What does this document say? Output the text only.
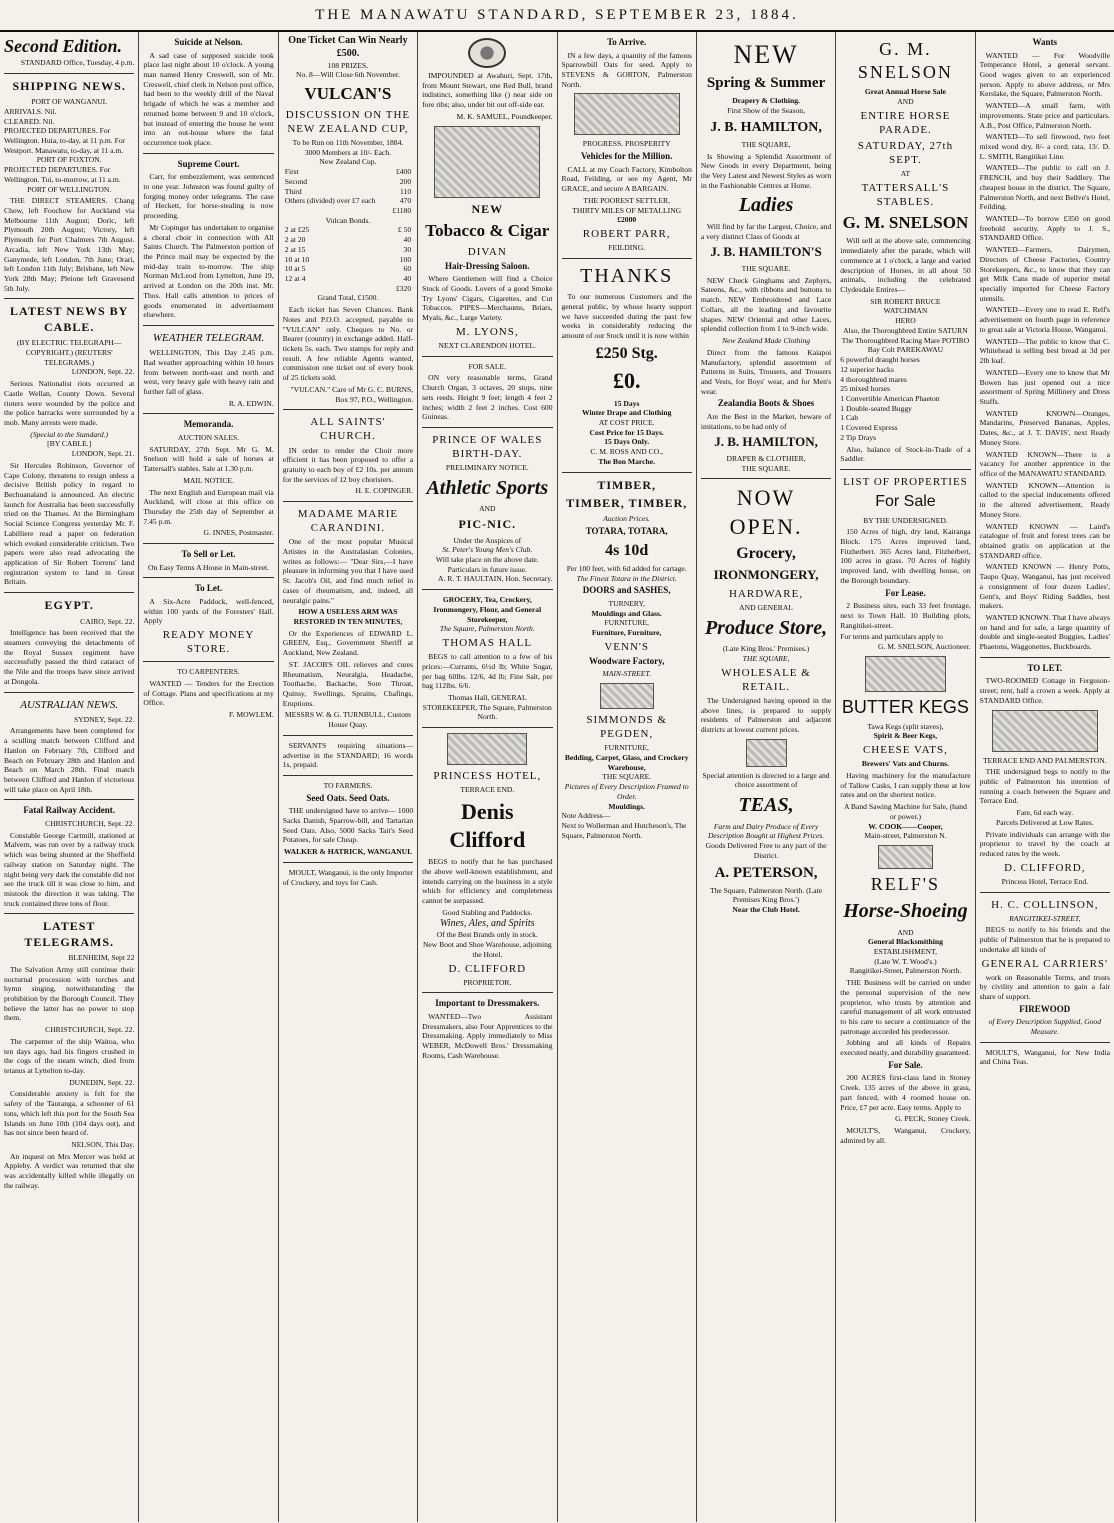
THE MANAWATU STANDARD, SEPTEMBER 23, 1884.
Second Edition.
STANDARD Office, Tuesday, 4 p.m.
SHIPPING NEWS.
PORT OF WANGANUI.
ARRIVALS. Nil.
CLEARED. Nil.
PROJECTED DEPARTURES. For Wellington. Huia, to-day, at 11 p.m. For Westport. Manawatu, to-day, at 11 a.m.
PORT OF FOXTON.
PROJECTED DEPARTURES. For Wellington. Tui, to-morrow, at 11 a.m.
PORT OF WELLINGTON.

THE DIRECT STEAMERS. Chang Chow, left Foochow for Auckland via Melbourne 11th August; Doric, left Plymouth 20th August; Victory, left Plymouth for Port Chalmers 7th August. Arcadia, left New York 13th May; Ganymede, left London, 7th June; Orari, left London 11th July; Brisbane, left New York 28th May; Pleione left Gravesend 5th July.

LATEST NEWS BY CABLE.
(BY ELECTRIC TELEGRAPH—COPYRIGHT.) (REUTERS' TELEGRAMS.)
LONDON, Sept. 22.

Serious Nationalist riots occurred at Castle Wellan, County Down. Several rioters were wounded by the police and the police barracks were surrounded by a mob. Many arrests were made.

(Special to the Standard.)
[BY CABLE.]
LONDON, Sept. 21.

Sir Hercules Robinson, Governor of Cape Colony, threatens to resign unless a decisive British policy in regard to Bechuanaland is announced. An electric launch for Australia has been successfully tried on the Thames. At the Birmingham Social Science Congress yesterday Mr. F. Labilliere read a paper on federation which evoked considerable criticism. Two papers were also read advocating the application of Sir Robert Torrens' land registration system to land in Great Britain.

EGYPT.
CAIRO, Sept. 22.

Intelligence has been received that the steamers conveying the detachments of the Royal Sussex regiment have successfully passed the third cataract of the Nile and the troops have since arrived at Dongola.

AUSTRALIAN NEWS.
SYDNEY, Sept. 22.

Arrangements have been completed for a sculling match between Clifford and Hanlon on February 7th, Clifford and Beach on February 28th and Hanlon and Beach on March 28th. Final match between Clifford and Hanlon if victorious will take place on April 18th.

Fatal Railway Accident.
CHRISTCHURCH, Sept. 22.

Constable George Cartmill, stationed at Malvern, was run over by a railway truck which was being shunted at the Sheffield railway station on Saturday night. The night being very dark the constable did not see the truck till it was close to him, and mistook the direction it was taking. The truck contained three tons of flour.

LATEST TELEGRAMS.
BLENHEIM, Sept 22

The Salvation Army still continue their nocturnal procession with torches and hymn singing, notwithstanding the prohibition by the Borough Council. They believe the latter has no power to stop them.

CHRISTCHURCH, Sept. 22.

The carpenter of the ship Waitoa, who ten days ago, had his fingers crushed in the cogs of the steam winch, died from tetanus at Lyttelton to-day.

DUNEDIN, Sept. 22.

Considerable anxiety is felt for the safety of the Tauranga, a schooner of 61 tons, which left this port for the South Sea Islands on June 10th (104 days out), and has not since been heard of.

NELSON, This Day.

An inquest on Mrs Mercer was held at Appleby. A verdict was returned that she was accidentally killed while illegally on the railway.

Suicide at Nelson.

A sad case of supposed suicide took place last night about 10 o'clock. A young man named Henry Creswell, son of Mr. Creswell, chief clerk in Nelson post office, had been to the weekly drill of the Naval brigade of which he was a member and returned home between 9 and 10 o'clock, but instead of entering the house he went into an out-house where the fatal occurrence took place.

Supreme Court.

Carr, for embezzlement, was sentenced to one year. Johnston was found guilty of forging money order telegrams. The case of Heckett, for horse-stealing is now proceeding.

Mr Copinger has undertaken to organise a choral choir in connection with All Saints Church. The Palmerston portion of the Prince mail may be expected by the mid-day train to-morrow. The ship Norman McLeod from Lyttelton, June 19, arrived at London on the 20th inst. Mr. Thos. Hall calls attention to prices of goods enumerated in advertisement elsewhere.

WEATHER TELEGRAM.

WELLINGTON, This Day 2.45 p.m. Bad weather approaching within 10 hours from between north-east and north and west, very heavy gale with heavy rain and further fall of glass.

R. A. EDWIN.
Memoranda.
AUCTION SALES.

SATURDAY, 27th Sept. Mr G. M. Snelson will hold a sale of horses at Tattersall's stables. Sale at 1.30 p.m.

MAIL NOTICE.

The next English and European mail via Auckland, will close at this office on Thursday the 25th day of September at 7.45 p.m.

G. INNES, Postmaster.
To Sell or Let.
On Easy Terms A House in Main-street.
To Let.

A Six-Acre Paddock, well-fenced, within 100 yards of the Foresters' Hall. Apply

READY MONEY STORE.
TO CARPENTERS.

WANTED — Tenders for the Erection of Cottage. Plans and specifications at my Office.

F. MOWLEM.
One Ticket Can Win Nearly £500.
108 PRIZES.
No. 8—Will Close 6th November.
VULCAN'S
DISCUSSION ON THE NEW ZEALAND CUP,
To be Run on 11th November, 1884.
3000 Members at 10/- Each.
New Zealand Cup.
First	£400
Second	200
Third	110
Others (divided) over £7 each	470
	£1180
Vulcan Bonds.
2 at £25	£ 50
2 at 20	40
2 at 15	30
10 at 10	100
10 at 5	60
12 at 4	40
	£320
Grand Total, £1500.

Each ticket has Seven Chances. Bank Notes and P.O.O. accepted, payable to "VULCAN" only. Cheques to No. or Bearer (country) in exchange added. Half-tickets 5s. each. Two stamps for reply and result. A few reliable Agents wanted, commission one ticket out of every book of 25 tickets sold.

"VULCAN." Care of Mr G. C. BURNS, Box 97, P.O., Wellington.
ALL SAINTS' CHURCH.

IN order to render the Choir more efficient it has been proposed to offer a gratuity to each boy of £2 10s. per annum for the services of 12 boy choristers.

H. E. COPINGER.
MADAME MARIE CARANDINI.

One of the most popular Musical Artistes in the Australasian Colonies, writes as follows:— "Dear Sirs,—I have pleasure in informing you that I have used St. Jacob's Oil, and find much relief in cases of rheumatism, and, indeed, all neuralgic pains."

HOW A USELESS ARM WAS RESTORED IN TEN MINUTES,

Or the Experiences of EDWARD L. GREEN, Esq., Government Sheriff at Auckland, New Zealand.

ST. JACOB'S OIL relieves and cures Rheumatism, Neuralgia, Headache, Toothache, Backache, Sore Throat, Quinsy, Swellings, Sprains, Chafings, Eruptions.

MESSRS W. & G. TURNBULL, Custom House Quay.

SERVANTS requiring situations—advertise in the STANDARD; 16 words 1s, prepaid.

TO FARMERS.
Seed Oats. Seed Oats.

THE undersigned have to arrive— 1000 Sacks Danish, Sparrow-bill, and Tartarian Seed Oats. Also, 5000 Sacks Tait's Seed Potatoes, for sale Cheap.

WALKER & HATRICK, WANGANUI.

MOULT, Wanganui, is the only Importer of Crockery, and toys for Cash.

IMPOUNDED at Awahuri, Sept. 17th, from Mount Stewart, one Red Bull, brand indistinct, something like () near side on fore ribs; also, under bit out off-side ear.

M. K. SAMUEL, Poundkeeper.
NEW
Tobacco & Cigar
DIVAN
Hair-Dressing Saloon.

Where Gentlemen will find a Choice Stock of Goods. Lovers of a good Smoke Try Lyons' Cigars, Cigarettes, and Cut Tobaccos. PIPES—Merchaums, Briars, Myals, &c., Large Variety.

M. LYONS,
NEXT CLARENDON HOTEL.
FOR SALE.

ON very reasonable terms, Grand Church Organ, 3 octaves, 20 stops, nine sets reeds. Height 9 feet; length 4 feet 2 inches; width 2 feet 2 inches. Cost 600 Guineas.

PRINCE OF WALES BIRTH-DAY.
PRELIMINARY NOTICE.
Athletic Sports
AND
PIC-NIC.
Under the Auspices of
St. Peter's Young Men's Club.
Will take place on the above date. Particulars in future issue.
A. R. T. HAULTAIN, Hon. Secretary.
GROCERY, Tea, Crockery, Ironmongery, Flour, and General Storekeeper,
The Square, Palmerston North.
THOMAS HALL

BEGS to call attention to a few of his prices:—Currants, 6½d lb; White Sugar, per bag 60lbs. 12/6, 4d lb; Fine Salt, per bag 112lbs. 6/6.

Thomas Hall, GENERAL STOREKEEPER, The Square, Palmerston North.
PRINCESS HOTEL,
TERRACE END.
Denis Clifford

BEGS to notify that he has purchased the above well-known establishment, and intends carrying on the business in a style which for efficiency and completeness cannot be surpassed.

Good Stabling and Paddocks.
Wines, Ales, and Spirits
Of the Best Brands only in stock.
New Boot and Shoe Warehouse, adjoining the Hotel.
D. CLIFFORD
PROPRIETOR.
Important to Dressmakers.

WANTED—Two Assistant Dressmakers, also Four Apprentices to the Dressmaking. Apply immediately to Miss WEBER, McDowell Bros.' Dressmaking Rooms, Cash Warehouse.

To Arrive.

IN a few days, a quantity of the famous Sparrowbill Oats for seed. Apply to STEVENS & GORTON, Palmerston North.

PROGRESS. PROSPERITY
Vehicles for the Million.

CALL at my Coach Factory, Kimbolton Road, Feilding, or see my Agent, Mr GRACE, and secure A BARGAIN.

THE POOREST SETTLER,
THIRTY MILES OF METALLING
£2000
ROBERT PARR,
FEILDING.
THANKS

To our numerous Customers and the general public, by whose hearty support we have succeeded during the past few weeks in considerably reducing the amount of our Stock until it is now within

£250 Stg.
£0.
15 Days
Winter Drape and Clothing
AT COST PRICE.
Cost Price for 15 Days.
15 Days Only.
C. M. ROSS AND CO.,
The Bon Marche.
TIMBER,
TIMBER, TIMBER,
Auction Prices.
TOTARA, TOTARA,
4s 10d
Per 100 feet, with 6d added for cartage.
The Finest Totara in the District.
DOORS and SASHES,
TURNERY,
Mouldings and Glass.
FURNITURE,
Furniture, Furniture,
VENN'S
Woodware Factory,
MAIN-STREET.
SIMMONDS & PEGDEN,
FURNITURE,
Bedding, Carpet, Glass, and Crockery Warehouse,
THE SQUARE.
Pictures of Every Description Framed to Order.
Mouldings.
Note Address—
Next to Wollerman and Hutcheson's, The Square, Palmerston North.
NEW
Spring & Summer
Drapery & Clothing.
First Show of the Season,
J. B. HAMILTON,
THE SQUARE,

Is Showing a Splendid Assortment of New Goods in every Department, being the Very Latest and Newest Styles as worn in the Fashionable Centres at Home.

Ladies

Will find by far the Largest, Choice, and a very distinct Class of Goods at

J. B. HAMILTON'S
THE SQUARE.

NEW Check Ginghams and Zephyrs, Sateens, &c., with ribbons and buttons to match. NEW Embroidered and Lace Collars, all the leading and favourite shapes. NEW Oriental and other Laces, splendid collection from 1 to 9-inch wide.

New Zealand Made Clothing

Direct from the famous Kaiapoi Manufactory, splendid assortment of Patterns in Suits, Trousers, and Trousers and Vests, for Boys' wear, and for Men's wear.

Zealandia Boots & Shoes

Are the Best in the Market, beware of imitations, to be had only of

J. B. HAMILTON,
DRAPER & CLOTHIER,
THE SQUARE.
NOW OPEN.
Grocery,
IRONMONGERY,
HARDWARE,
AND GENERAL
Produce Store,
(Late King Bros.' Premises.)
THE SQUARE,
WHOLESALE & RETAIL.

The Undersigned having opened in the above lines, is prepared to supply residents of Palmerston and adjacent districts at lowest current prices.

Special attention is directed to a large and choice assortment of
TEAS,
Farm and Dairy Produce of Every Description Bought at Highest Prices.
Goods Delivered Free to any part of the District.
A. PETERSON,
The Square, Palmerston North. (Late Premises King Bros.')
Near the Club Hotel.
G. M. SNELSON
Great Annual Horse Sale
AND
ENTIRE HORSE PARADE.
SATURDAY, 27th SEPT.
AT
TATTERSALL'S STABLES.
G. M. SNELSON

Will sell at the above sale, commencing immediately after the parade, which will commence at 1 o'clock, a large and varied description of Horses, in all about 50 animals, including the celebrated Clydesdale Entires—

SIR ROBERT BRUCE
WATCHMAN
HERO
Also, the Thoroughbred Entire SATURN
The Thoroughbred Racing Mare POTIRO
Bay Colt PAREKAWAU
6 powerful draught horses
12 superior hacks
4 thoroughbred mares
25 mixed horses
1 Convertible American Phaeton
1 Double-seated Buggy
1 Cab
1 Covered Express
2 Tip Drays

Also, balance of Stock-in-Trade of a Saddler.

LIST OF PROPERTIES
For Sale
BY THE UNDERSIGNED.

150 Acres of high, dry land, Kairanga Block. 175 Acres improved land, Fitzherbert. 365 Acres land, Fitzherbert, 100 acres in grass. 70 Acres of highly improved land, with dwelling house, on the Borough boundary.

For Lease.

2 Business sites, each 33 feet frontage, next to Town Hall. 10 Building plots, Rangitikei-street.

For terms and particulars apply to
G. M. SNELSON, Auctioneer.
BUTTER KEGS
Tawa Kegs (split staves),
Spirit & Beer Kegs,
CHEESE VATS,
Brewers' Vats and Churns.

Having machinery for the manufacture of Tallow Casks, I can supply these at low rates and on the shortest notice.

A Band Sawing Machine for Sale, (hand or power.)
W. COOK——Cooper,
Main-street, Palmerston N.
RELF'S
Horse-Shoeing
AND
General Blacksmithing
ESTABLISHMENT,
(Late W. T. Wood's.)
Rangitikei-Street, Palmerston North.

THE Business will be carried on under the personal supervision of the new proprietor, who trusts by attention and careful management of all work entrusted to his care to secure a continuance of the patronage accorded his predecessor.

Jobbing and all kinds of Repairs executed neatly, and durability guaranteed.

For Sale.

200 ACRES first-class land in Stoney Creek. 135 acres of the above in grass, part fenced, with 4 roomed house on. Price, £7 per acre. Easy terms. Apply to

G. PECK, Stoney Creek.

MOULT'S, Wanganui, Crockery, admired by all.

Wants

WANTED — For Woodville Temperance Hotel, a general servant. Good wages given to an experienced person. Apply to above address, or Mrs Kerslake, the Square, Palmerston North.

WANTED—A small farm, with improvements. State price and particulars. A.B., Post Office, Palmerston North.

WANTED—To sell firewood, two feet mixed wood dry, 8/- a cord; rata, 13/. D. L. SMITH, Rangitikei Line.

WANTED—The public to call on J. FRENCH, and buy their Saddlery. The cheapest house in the district. The Square, Palmerston North, and next Bellve's Hotel, Feilding.

WANTED—To borrow £350 on good freehold security. Apply to J. S., STANDARD Office.

WANTED—Farmers, Dairymen, Directors of Cheese Factories, Country Storekeepers, &c., to know that they can get Milk Cans made of superior metal specially imported for Cheese Factory utensils.

WANTED—Every one to read E. Relf's advertisement on fourth page in reference to great sale at Victoria House, Wanganui.

WANTED—The public to know that C. Whitehead is selling best bread at 3d per 2lb loaf.

WANTED—Every one to know that Mr Bowen has just opened out a nice assortment of Spring Millinery and Dress Stuffs.

WANTED KNOWN—Oranges, Mandarins, Preserved Bananas, Apples, Dates, &c., at J. T. DAVIS', next Ready Money Store.

WANTED KNOWN—There is a vacancy for another apprentice in the office of the MANAWATU STANDARD.

WANTED KNOWN—Attention is called to the special inducements offered in the altered advertisement, Ready Money Store.

WANTED KNOWN — Laird's catalogue of fruit and forest trees can be obtained gratis on application at the STANDARD office.

WANTED KNOWN — Henry Potts, Taupo Quay, Wanganui, has just received a consignment of four dozen Ladies', Gent's, and Boys' Riding Saddles, best makers.

WANTED KNOWN. That I have always on hand and for sale, a large quantity of double and single-seated Buggies, Ladies' Phaetons, Waggonettes, Buckboards.

TO LET.

TWO-ROOMED Cottage in Ferguson-street; rent, half a crown a week. Apply at STANDARD Office.

TERRACE END AND PALMERSTON.

THE undersigned begs to notify to the public of Palmerston his intention of running a coach between the Square and Terrace End.

Fare, 6d each way.
Parcels Delivered at Low Rates.

Private individuals can arrange with the proprietor to travel by the coach at reduced rates by the week.

D. CLIFFORD,
Princess Hotel, Terrace End.
H. C. COLLINSON,
RANGITIKEI-STREET,

BEGS to notify to his friends and the public of Palmerston that he is prepared to undertake all kinds of

GENERAL CARRIERS'

work on Reasonable Terms, and trusts by civility and attention to gain a fair share of support.

FIREWOOD
of Every Description Supplied, Good Measure.

MOULT'S, Wanganui, for New India and China Teas.
